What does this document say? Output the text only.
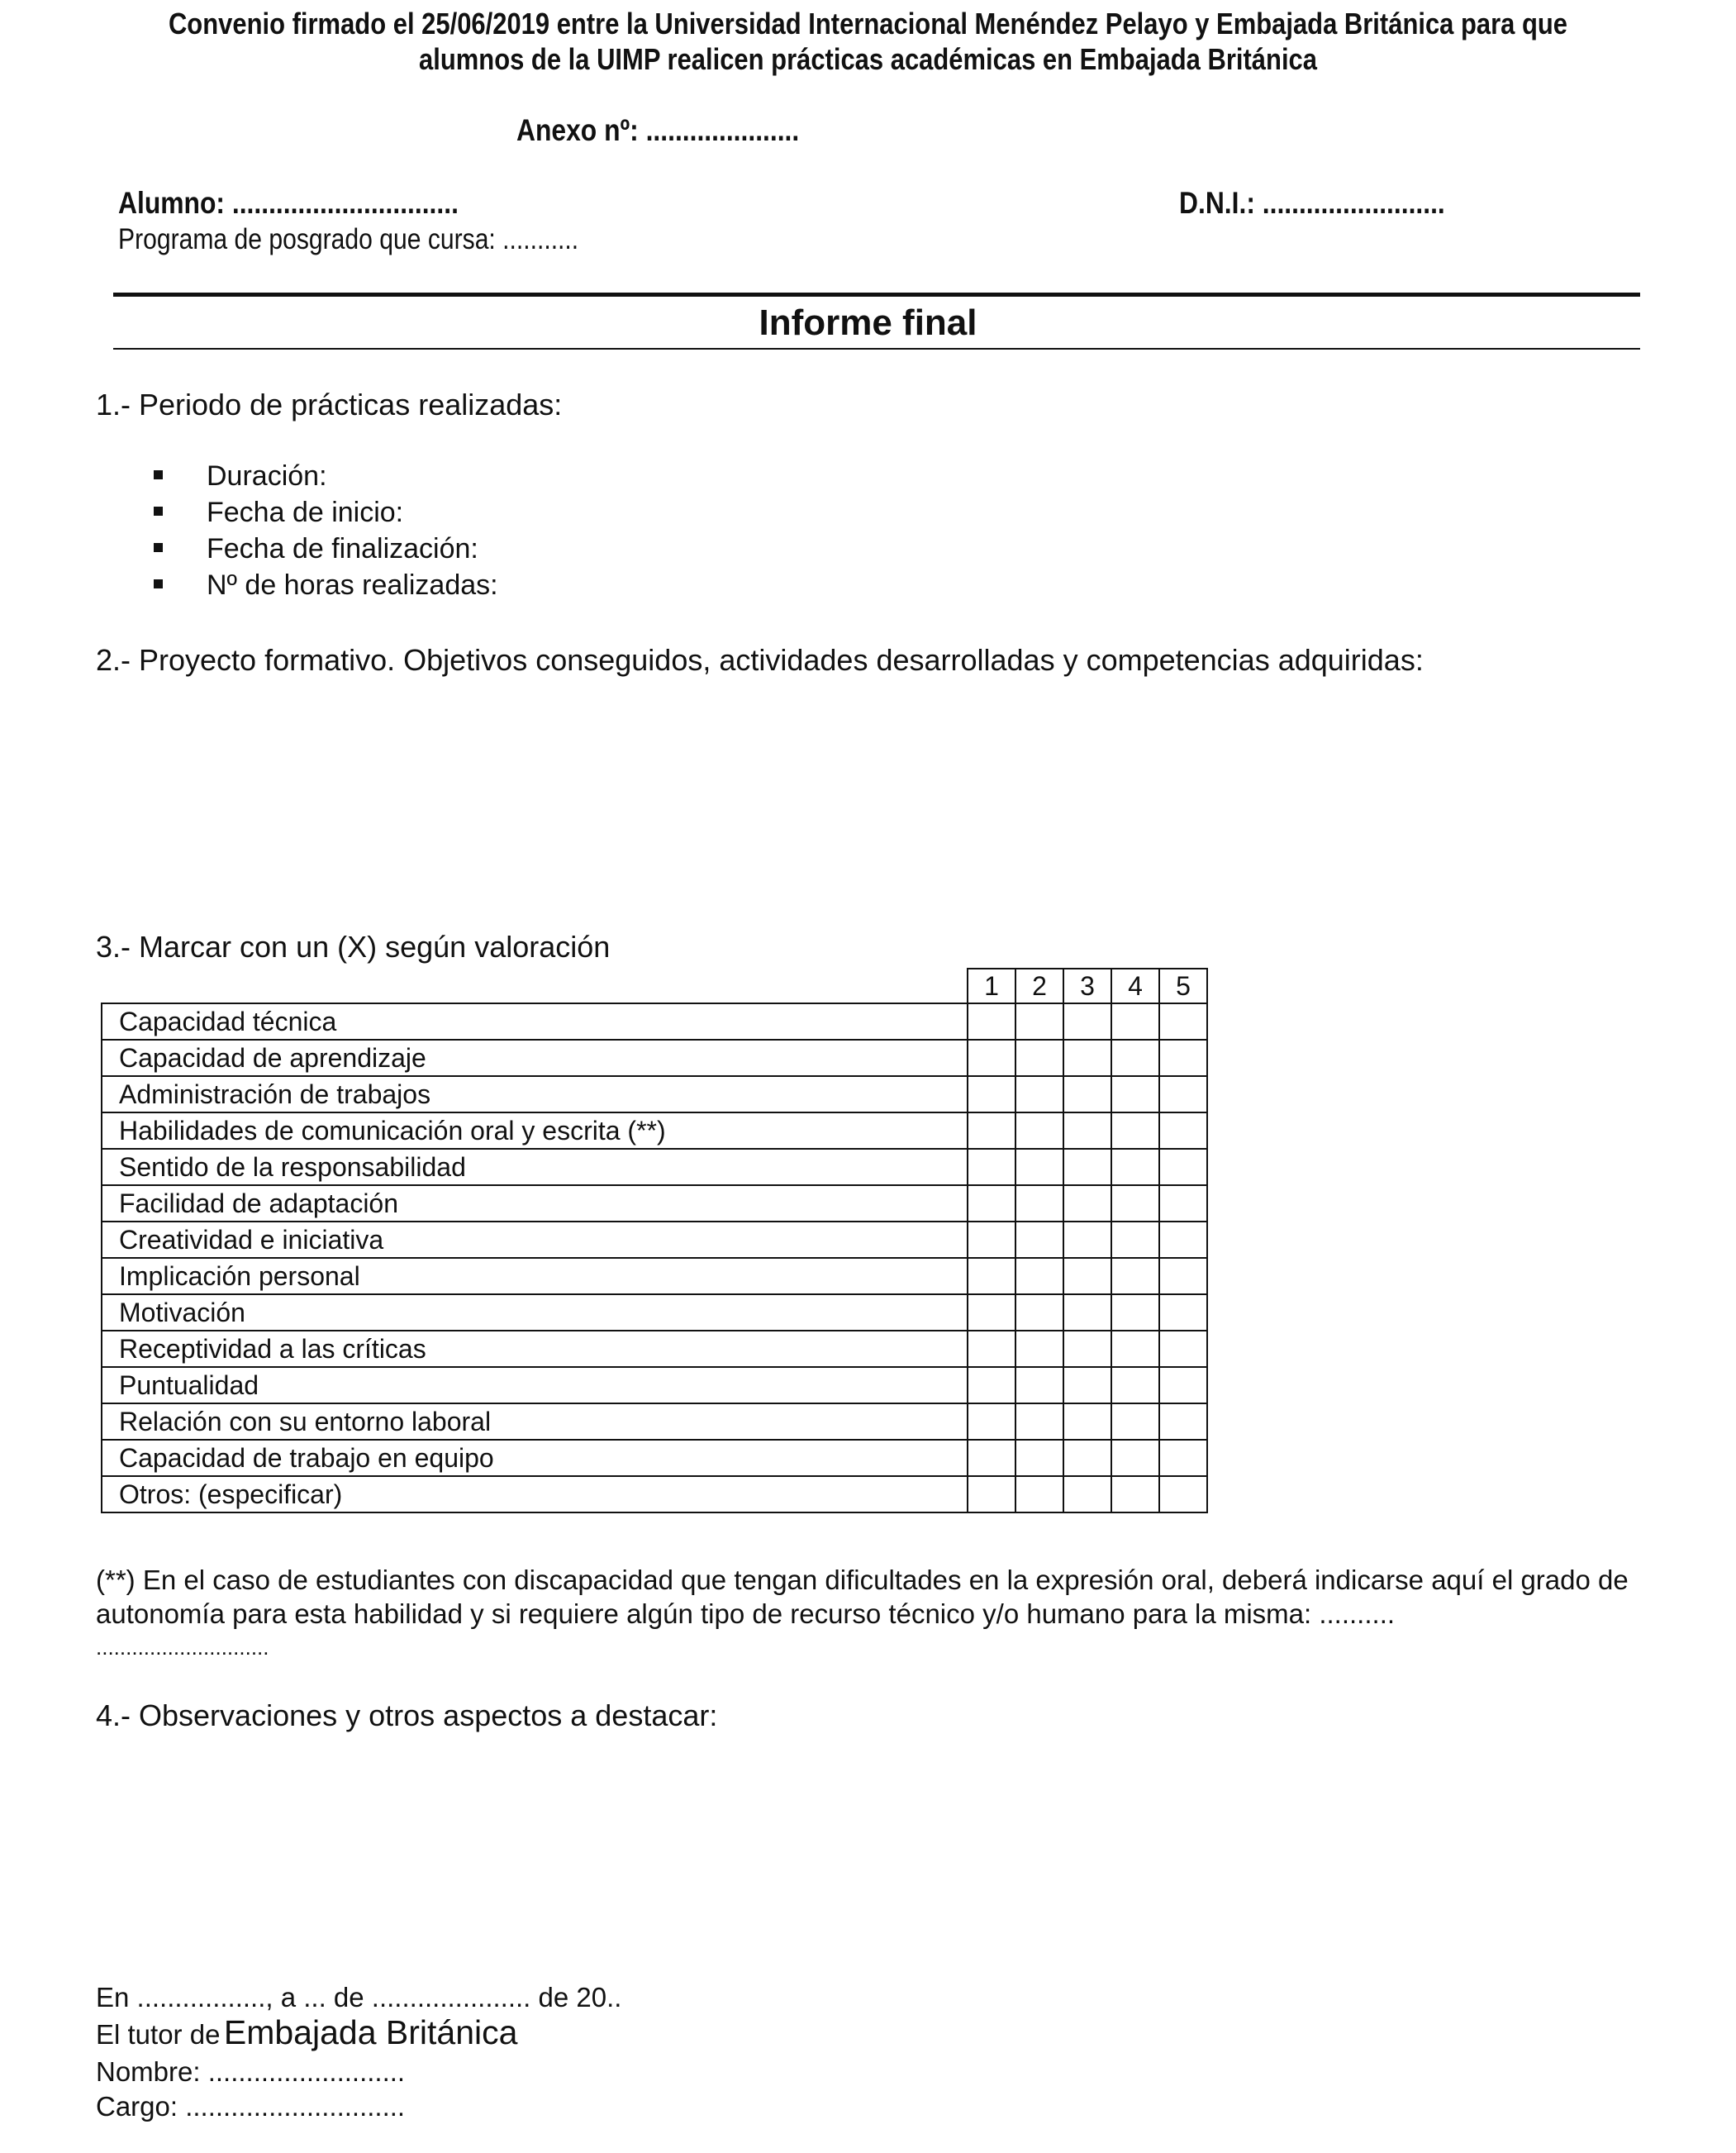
Convenio firmado el 25/06/2019 entre la Universidad Internacional Menéndez Pelayo y Embajada Británica para que
alumnos de la UIMP realicen prácticas académicas en Embajada Británica
Anexo nº: .....................
Alumno: ...............................	D.N.I.: .........................
Programa de posgrado que cursa: ...........
Informe final
1.- Periodo de prácticas realizadas:
Duración:
Fecha de inicio:
Fecha de finalización:
Nº de horas realizadas:
2.- Proyecto formativo. Objetivos conseguidos, actividades desarrolladas y competencias adquiridas:
3.- Marcar con un (X) según valoración
	1	2	3	4	5
Capacidad técnica					
Capacidad de aprendizaje					
Administración de trabajos					
Habilidades de comunicación oral y escrita (**)					
Sentido de la responsabilidad					
Facilidad de adaptación					
Creatividad e iniciativa					
Implicación personal					
Motivación					
Receptividad a las críticas					
Puntualidad					
Relación con su entorno laboral					
Capacidad de trabajo en equipo					
Otros: (especificar)					
(**) En el caso de estudiantes con discapacidad que tengan dificultades en la expresión oral, deberá indicarse aquí el grado de
autonomía para esta habilidad y si requiere algún tipo de recurso técnico y/o humano para la misma: ..........
.............................
4.- Observaciones y otros aspectos a destacar:
En ................., a ... de ..................... de 20..
El tutor de Embajada Británica
Nombre: ..........................
Cargo: .............................
